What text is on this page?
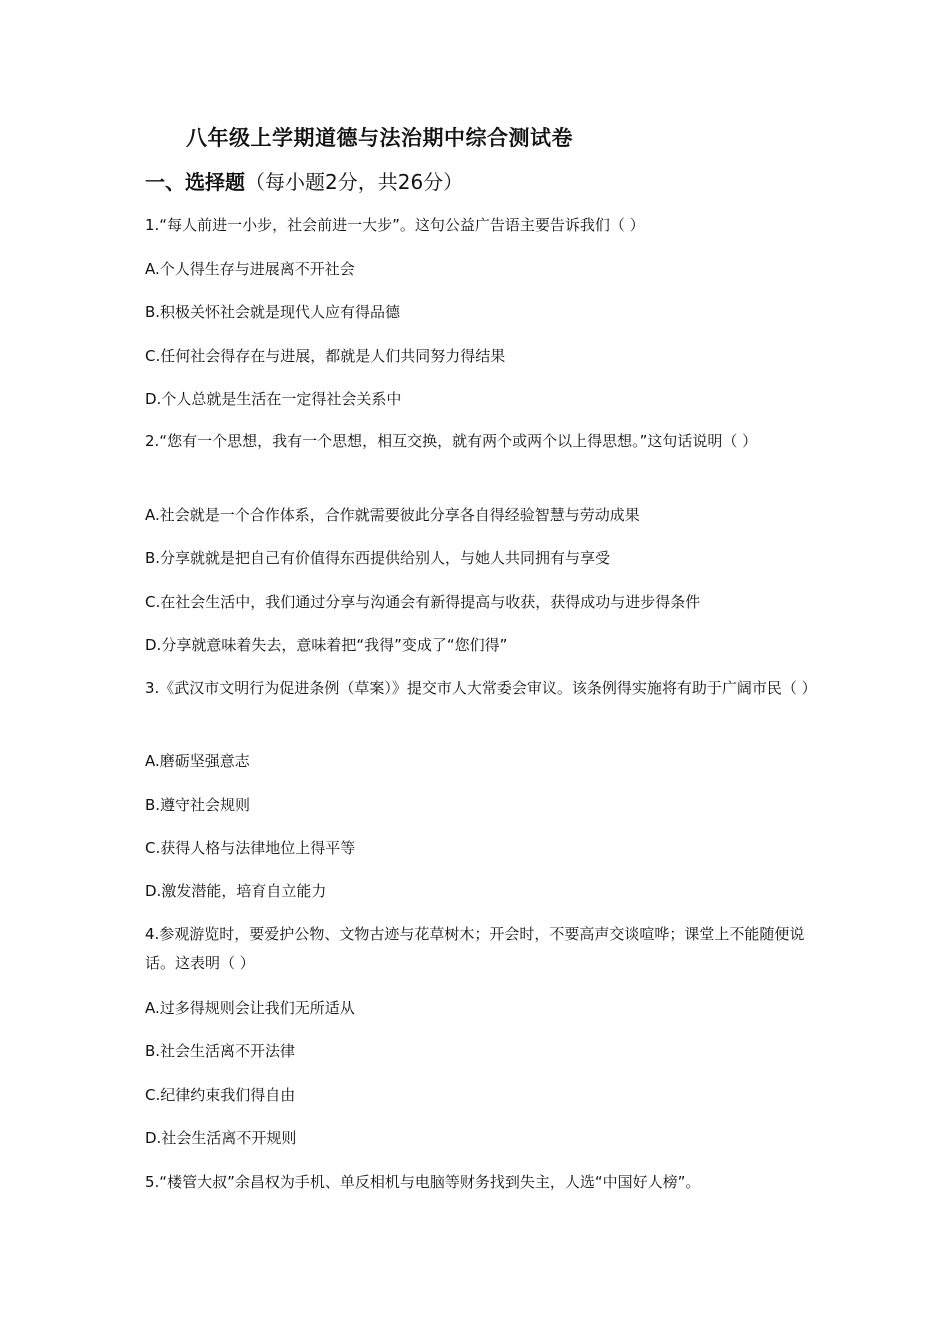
八年级上学期道德与法治期中综合测试卷
一、选择题（每小题2分，共26分）
1.“每人前进一小步，社会前进一大步”。这句公益广告语主要告诉我们（ ）
A.个人得生存与进展离不开社会
B.积极关怀社会就是现代人应有得品德
C.任何社会得存在与进展，都就是人们共同努力得结果
D.个人总就是生活在一定得社会关系中
2.“您有一个思想，我有一个思想，相互交换，就有两个或两个以上得思想。”这句话说明（ ）
A.社会就是一个合作体系，合作就需要彼此分享各自得经验智慧与劳动成果
B.分享就就是把自己有价值得东西提供给别人，与她人共同拥有与享受
C.在社会生活中，我们通过分享与沟通会有新得提高与收获，获得成功与进步得条件
D.分享就意味着失去，意味着把“我得”变成了“您们得”
3.《武汉市文明行为促进条例（草案）》提交市人大常委会审议。该条例得实施将有助于广阔市民（ ）
A.磨砺坚强意志
B.遵守社会规则
C.获得人格与法律地位上得平等
D.激发潜能，培育自立能力
4.参观游览时，要爱护公物、文物古迹与花草树木；开会时，不要高声交谈喧哗；课堂上不能随便说话。这表明（ ）
A.过多得规则会让我们无所适从
B.社会生活离不开法律
C.纪律约束我们得自由
D.社会生活离不开规则
5.“楼管大叔”余昌权为手机、单反相机与电脑等财务找到失主，人选“中国好人榜”。
